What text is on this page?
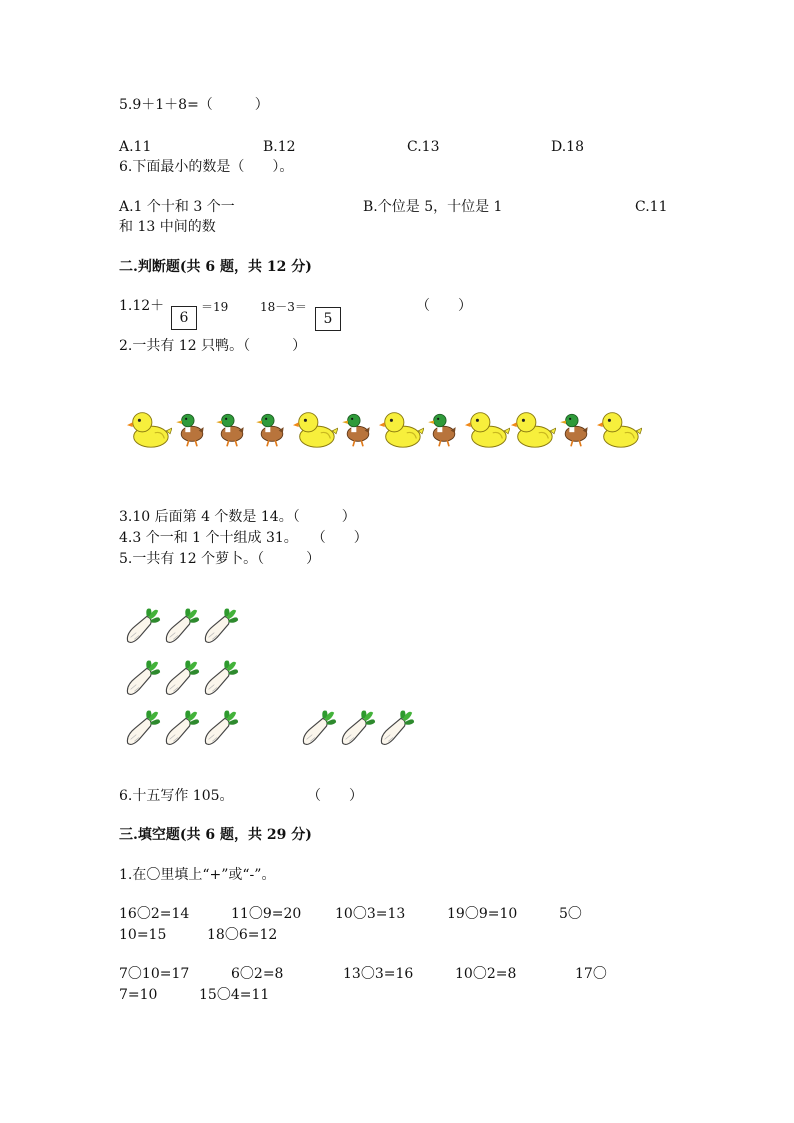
5.9＋1＋8=（　　　）
A.11	B.12	C.13	D.18
6.下面最小的数是（　　）。
A.1 个十和 3 个一	B.个位是 5，十位是 1	C.11
和 13 中间的数
二.判断题(共 6 题，共 12 分)
1.12＋
6
＝19	18－3＝
5
（　　）
2.一共有 12 只鸭。（　　　）
3.10 后面第 4 个数是 14。（　　　）
4.3 个一和 1 个十组成 31。　　（　　）
5.一共有 12 个萝卜。（　　　）
6.十五写作 105。	（　　）
三.填空题(共 6 题，共 29 分)
1.在〇里填上“+”或“-”。
16〇2=14	11〇9=20 10〇3=13	19〇9=10	5〇
10=15	18〇6=12
7〇10=17	6〇2=8	13〇3=16	10〇2=8	17〇
7=10	15〇4=11
